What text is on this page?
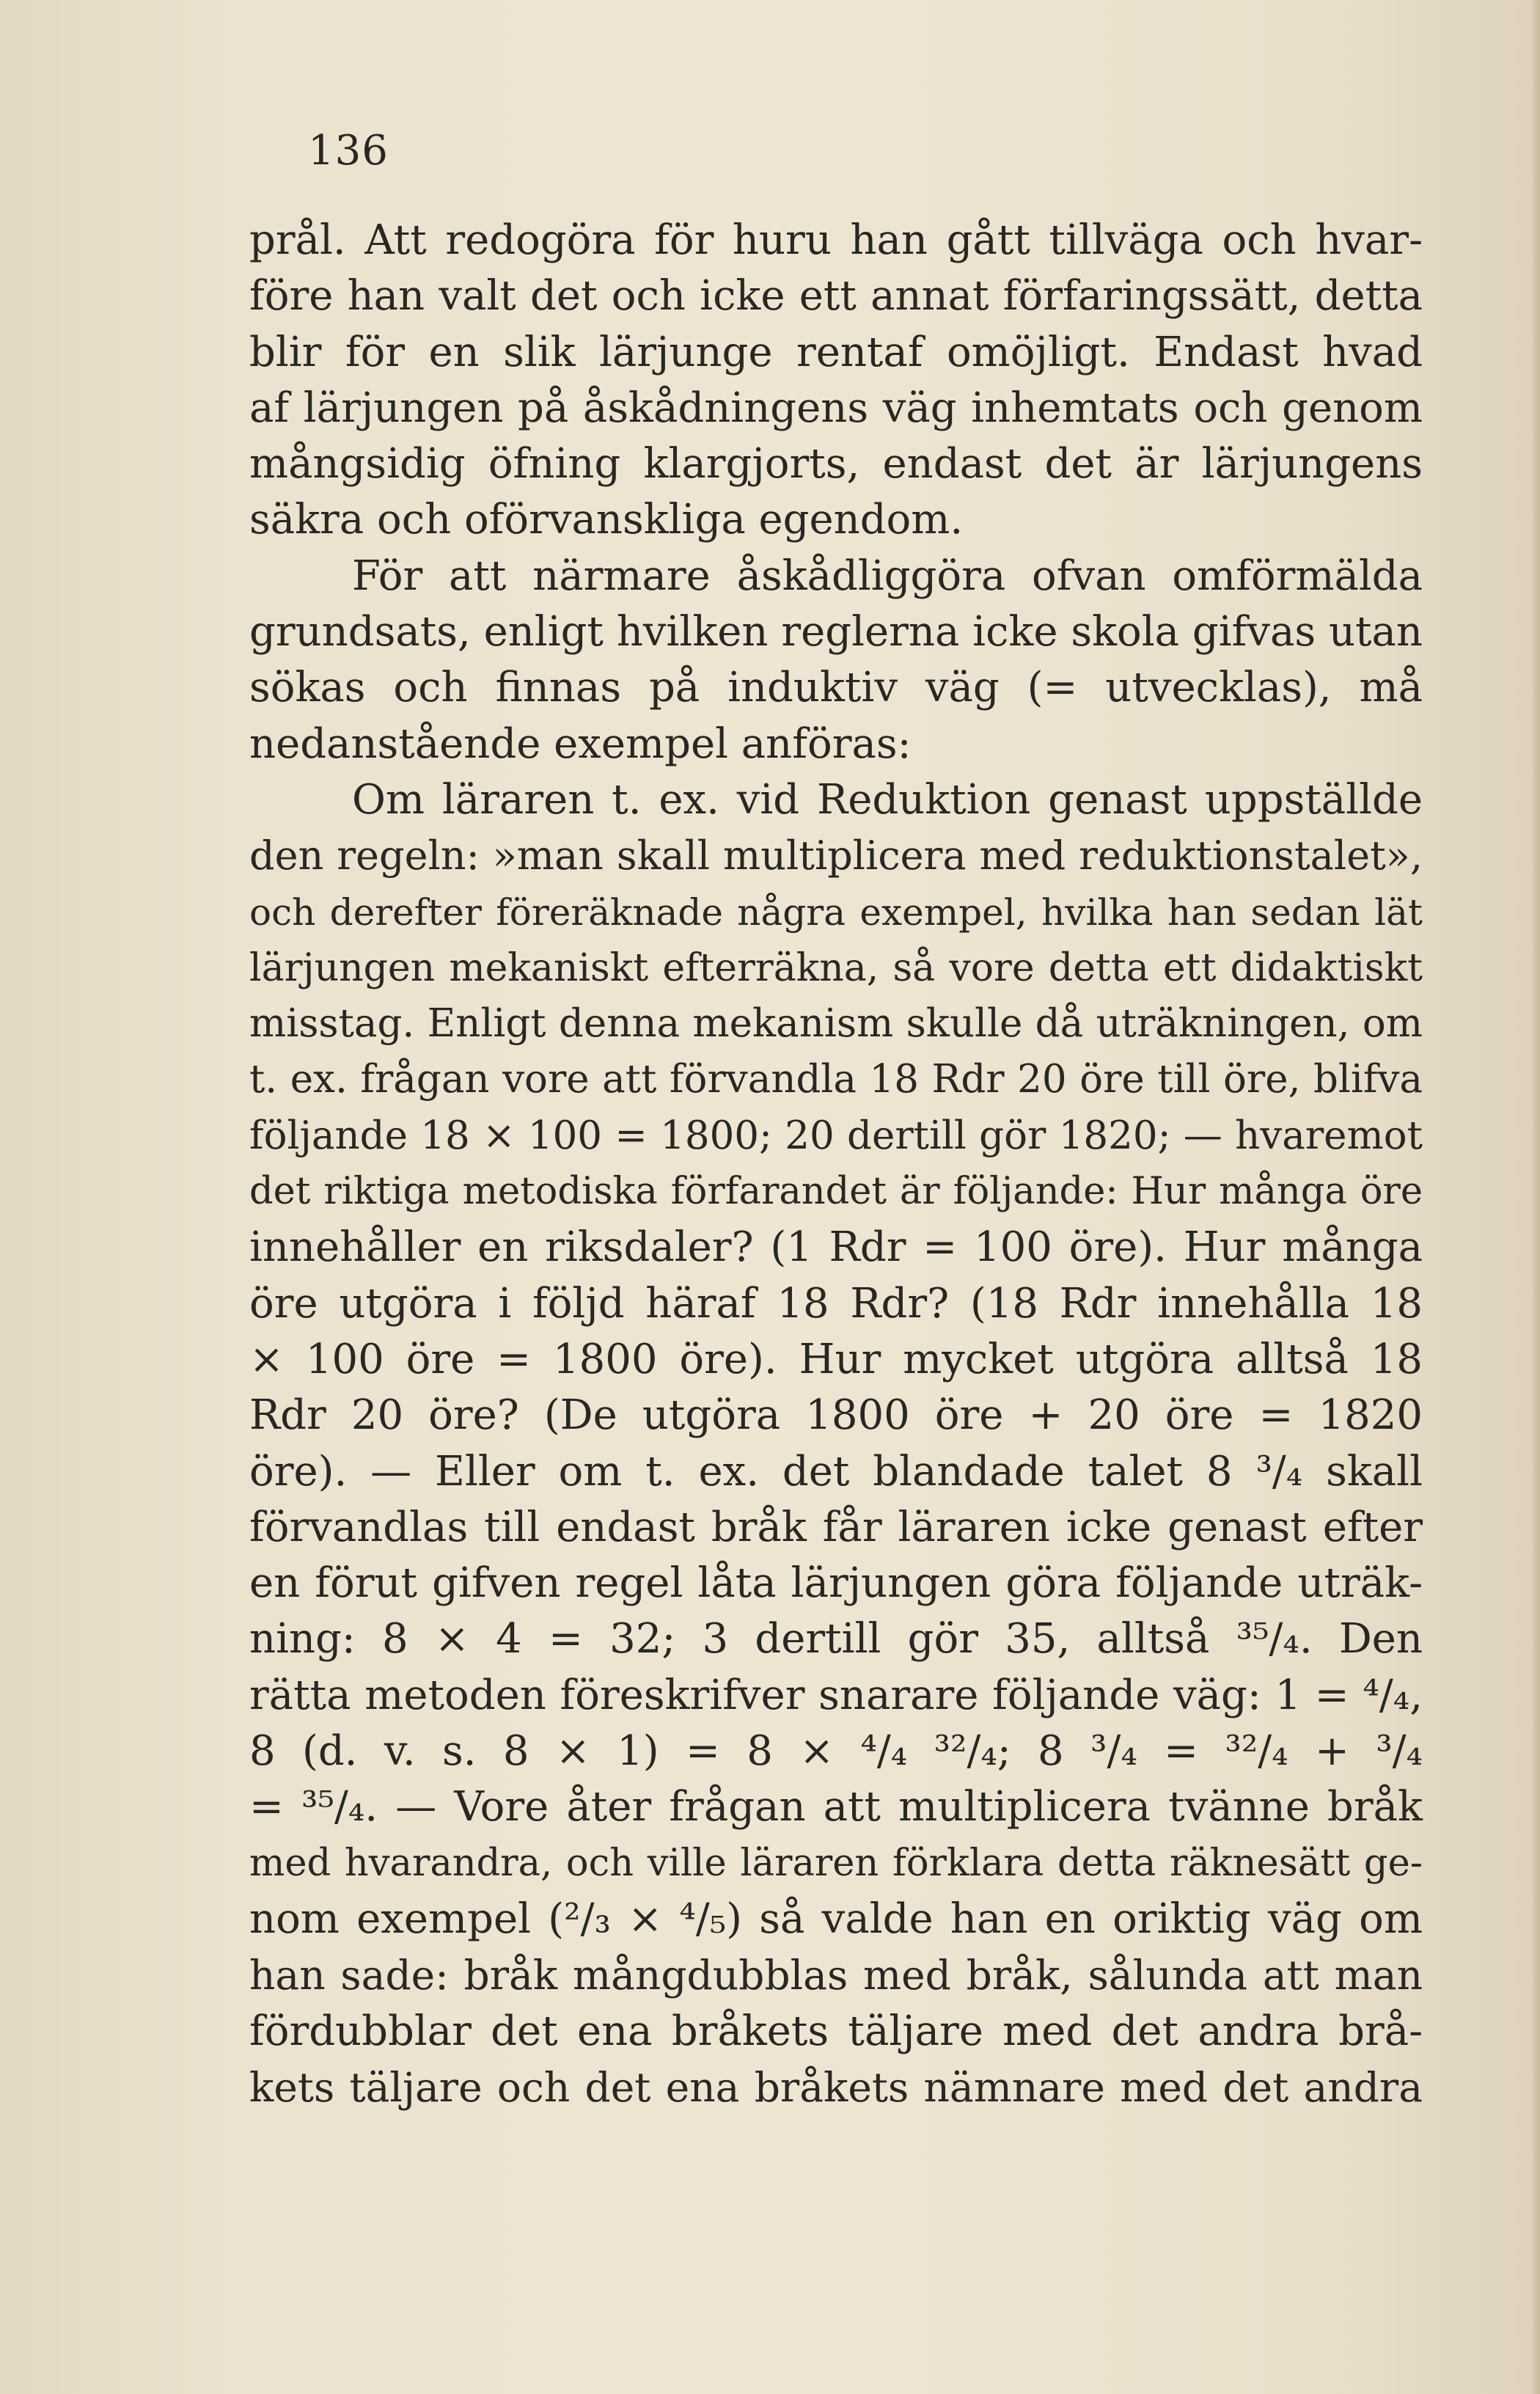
136
prål. Att redogöra för huru han gått tillväga och hvar-
före han valt det och icke ett annat förfaringssätt, detta
blir för en slik lärjunge rentaf omöjligt. Endast hvad
af lärjungen på åskådningens väg inhemtats och genom
mångsidig öfning klargjorts, endast det är lärjungens
säkra och oförvanskliga egendom.
För att närmare åskådliggöra ofvan omförmälda
grundsats, enligt hvilken reglerna icke skola gifvas utan
sökas och finnas på induktiv väg (= utvecklas), må
nedanstående exempel anföras:
Om läraren t. ex. vid Reduktion genast uppställde
den regeln: »man skall multiplicera med reduktionstalet»,
och derefter föreräknade några exempel, hvilka han sedan lät
lärjungen mekaniskt efterräkna, så vore detta ett didaktiskt
misstag. Enligt denna mekanism skulle då uträkningen, om
t. ex. frågan vore att förvandla 18 Rdr 20 öre till öre, blifva
följande 18 × 100 = 1800; 20 dertill gör 1820; — hvaremot
det riktiga metodiska förfarandet är följande: Hur många öre
innehåller en riksdaler? (1 Rdr = 100 öre). Hur många
öre utgöra i följd häraf 18 Rdr? (18 Rdr innehålla 18
× 100 öre = 1800 öre). Hur mycket utgöra alltså 18
Rdr 20 öre? (De utgöra 1800 öre + 20 öre = 1820
öre). — Eller om t. ex. det blandade talet 8 ³/₄ skall
förvandlas till endast bråk får läraren icke genast efter
en förut gifven regel låta lärjungen göra följande uträk-
ning: 8 × 4 = 32; 3 dertill gör 35, alltså ³⁵/₄. Den
rätta metoden föreskrifver snarare följande väg: 1 = ⁴/₄,
8 (d. v. s. 8 × 1) = 8 × ⁴/₄ ³²/₄; 8 ³/₄ = ³²/₄ + ³/₄
= ³⁵/₄. — Vore åter frågan att multiplicera tvänne bråk
med hvarandra, och ville läraren förklara detta räknesätt ge-
nom exempel (²/₃ × ⁴/₅) så valde han en oriktig väg om
han sade: bråk mångdubblas med bråk, sålunda att man
fördubblar det ena bråkets täljare med det andra brå-
kets täljare och det ena bråkets nämnare med det andra
